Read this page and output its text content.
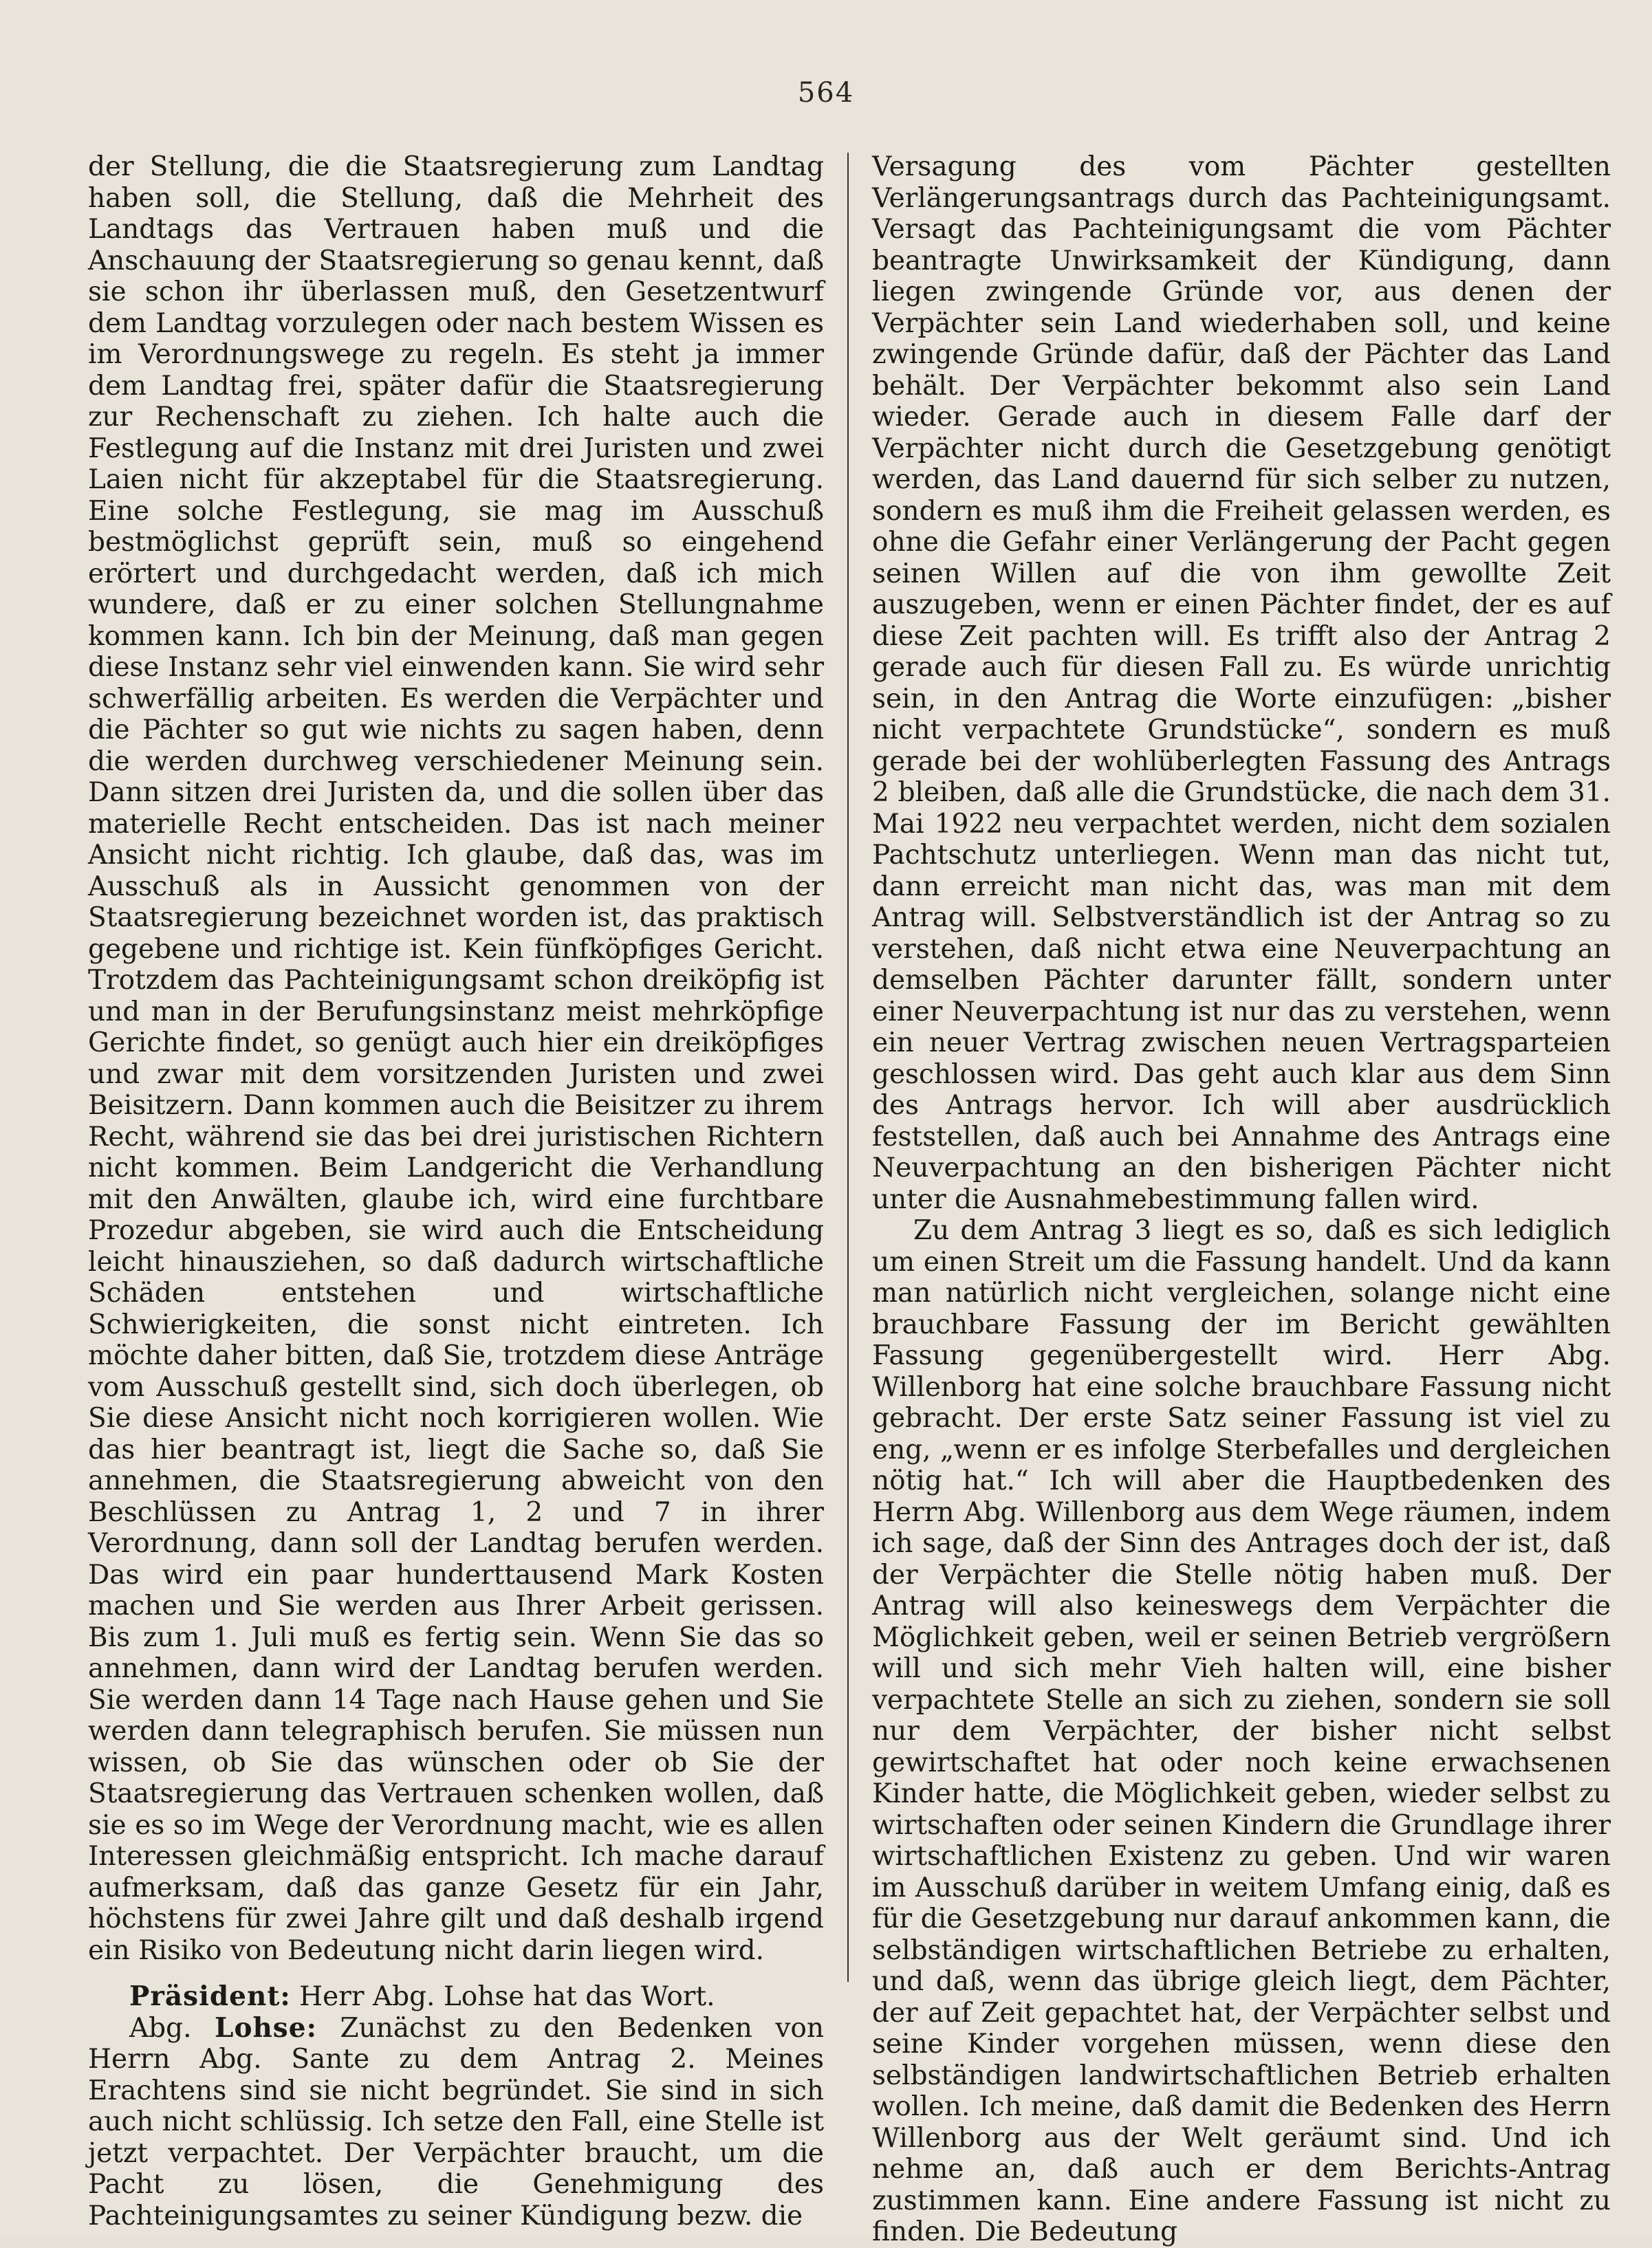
564

der Stellung, die die Staatsregierung zum Landtag haben soll, die Stellung, daß die Mehrheit des Landtags das Vertrauen haben muß und die Anschauung der Staatsregierung so genau kennt, daß sie schon ihr überlassen muß, den Gesetzentwurf dem Landtag vorzulegen oder nach bestem Wissen es im Verordnungswege zu regeln. Es steht ja immer dem Landtag frei, später dafür die Staatsregierung zur Rechenschaft zu ziehen. Ich halte auch die Festlegung auf die Instanz mit drei Juristen und zwei Laien nicht für akzeptabel für die Staatsregierung. Eine solche Festlegung, sie mag im Ausschuß bestmöglichst geprüft sein, muß so eingehend erörtert und durchgedacht werden, daß ich mich wundere, daß er zu einer solchen Stellungnahme kommen kann. Ich bin der Meinung, daß man gegen diese Instanz sehr viel einwenden kann. Sie wird sehr schwerfällig arbeiten. Es werden die Verpächter und die Pächter so gut wie nichts zu sagen haben, denn die werden durchweg verschiedener Meinung sein. Dann sitzen drei Juristen da, und die sollen über das materielle Recht entscheiden. Das ist nach meiner Ansicht nicht richtig. Ich glaube, daß das, was im Ausschuß als in Aussicht genommen von der Staatsregierung bezeichnet worden ist, das praktisch gegebene und richtige ist. Kein fünfköpfiges Gericht. Trotzdem das Pachteinigungsamt schon dreiköpfig ist und man in der Berufungsinstanz meist mehrköpfige Gerichte findet, so genügt auch hier ein dreiköpfiges und zwar mit dem vorsitzenden Juristen und zwei Beisitzern. Dann kommen auch die Beisitzer zu ihrem Recht, während sie das bei drei juristischen Richtern nicht kommen. Beim Landgericht die Verhandlung mit den Anwälten, glaube ich, wird eine furchtbare Prozedur abgeben, sie wird auch die Entscheidung leicht hinausziehen, so daß dadurch wirtschaftliche Schäden entstehen und wirtschaftliche Schwierigkeiten, die sonst nicht eintreten. Ich möchte daher bitten, daß Sie, trotzdem diese Anträge vom Ausschuß gestellt sind, sich doch überlegen, ob Sie diese Ansicht nicht noch korrigieren wollen. Wie das hier beantragt ist, liegt die Sache so, daß Sie annehmen, die Staatsregierung abweicht von den Beschlüssen zu Antrag 1, 2 und 7 in ihrer Verordnung, dann soll der Landtag berufen werden. Das wird ein paar hunderttausend Mark Kosten machen und Sie werden aus Ihrer Arbeit gerissen. Bis zum 1. Juli muß es fertig sein. Wenn Sie das so annehmen, dann wird der Landtag berufen werden. Sie werden dann 14 Tage nach Hause gehen und Sie werden dann telegraphisch berufen. Sie müssen nun wissen, ob Sie das wünschen oder ob Sie der Staatsregierung das Vertrauen schenken wollen, daß sie es so im Wege der Verordnung macht, wie es allen Interessen gleichmäßig entspricht. Ich mache darauf aufmerksam, daß das ganze Gesetz für ein Jahr, höchstens für zwei Jahre gilt und daß deshalb irgend ein Risiko von Bedeutung nicht darin liegen wird.

Präsident: Herr Abg. Lohse hat das Wort.

Abg. Lohse: Zunächst zu den Bedenken von Herrn Abg. Sante zu dem Antrag 2. Meines Erachtens sind sie nicht begründet. Sie sind in sich auch nicht schlüssig. Ich setze den Fall, eine Stelle ist jetzt verpachtet. Der Verpächter braucht, um die Pacht zu lösen, die Genehmigung des Pachteinigungsamtes zu seiner Kündigung bezw. die

Versagung des vom Pächter gestellten Verlängerungsantrags durch das Pachteinigungsamt. Versagt das Pachteinigungsamt die vom Pächter beantragte Unwirksamkeit der Kündigung, dann liegen zwingende Gründe vor, aus denen der Verpächter sein Land wiederhaben soll, und keine zwingende Gründe dafür, daß der Pächter das Land behält. Der Verpächter bekommt also sein Land wieder. Gerade auch in diesem Falle darf der Verpächter nicht durch die Gesetzgebung genötigt werden, das Land dauernd für sich selber zu nutzen, sondern es muß ihm die Freiheit gelassen werden, es ohne die Gefahr einer Verlängerung der Pacht gegen seinen Willen auf die von ihm gewollte Zeit auszugeben, wenn er einen Pächter findet, der es auf diese Zeit pachten will. Es trifft also der Antrag 2 gerade auch für diesen Fall zu. Es würde unrichtig sein, in den Antrag die Worte einzufügen: „bisher nicht verpachtete Grundstücke“, sondern es muß gerade bei der wohlüberlegten Fassung des Antrags 2 bleiben, daß alle die Grundstücke, die nach dem 31. Mai 1922 neu verpachtet werden, nicht dem sozialen Pachtschutz unterliegen. Wenn man das nicht tut, dann erreicht man nicht das, was man mit dem Antrag will. Selbstverständlich ist der Antrag so zu verstehen, daß nicht etwa eine Neuverpachtung an demselben Pächter darunter fällt, sondern unter einer Neuverpachtung ist nur das zu verstehen, wenn ein neuer Vertrag zwischen neuen Vertragsparteien geschlossen wird. Das geht auch klar aus dem Sinn des Antrags hervor. Ich will aber ausdrücklich feststellen, daß auch bei Annahme des Antrags eine Neuverpachtung an den bisherigen Pächter nicht unter die Ausnahmebestimmung fallen wird.

Zu dem Antrag 3 liegt es so, daß es sich lediglich um einen Streit um die Fassung handelt. Und da kann man natürlich nicht vergleichen, solange nicht eine brauchbare Fassung der im Bericht gewählten Fassung gegenübergestellt wird. Herr Abg. Willenborg hat eine solche brauchbare Fassung nicht gebracht. Der erste Satz seiner Fassung ist viel zu eng, „wenn er es infolge Sterbefalles und dergleichen nötig hat.“ Ich will aber die Hauptbedenken des Herrn Abg. Willenborg aus dem Wege räumen, indem ich sage, daß der Sinn des Antrages doch der ist, daß der Verpächter die Stelle nötig haben muß. Der Antrag will also keineswegs dem Verpächter die Möglichkeit geben, weil er seinen Betrieb vergrößern will und sich mehr Vieh halten will, eine bisher verpachtete Stelle an sich zu ziehen, sondern sie soll nur dem Verpächter, der bisher nicht selbst gewirtschaftet hat oder noch keine erwachsenen Kinder hatte, die Möglichkeit geben, wieder selbst zu wirtschaften oder seinen Kindern die Grundlage ihrer wirtschaftlichen Existenz zu geben. Und wir waren im Ausschuß darüber in weitem Umfang einig, daß es für die Gesetzgebung nur darauf ankommen kann, die selbständigen wirtschaftlichen Betriebe zu erhalten, und daß, wenn das übrige gleich liegt, dem Pächter, der auf Zeit gepachtet hat, der Verpächter selbst und seine Kinder vorgehen müssen, wenn diese den selbständigen landwirtschaftlichen Betrieb erhalten wollen. Ich meine, daß damit die Bedenken des Herrn Willenborg aus der Welt geräumt sind. Und ich nehme an, daß auch er dem Berichts-Antrag zustimmen kann. Eine andere Fassung ist nicht zu finden. Die Bedeutung
